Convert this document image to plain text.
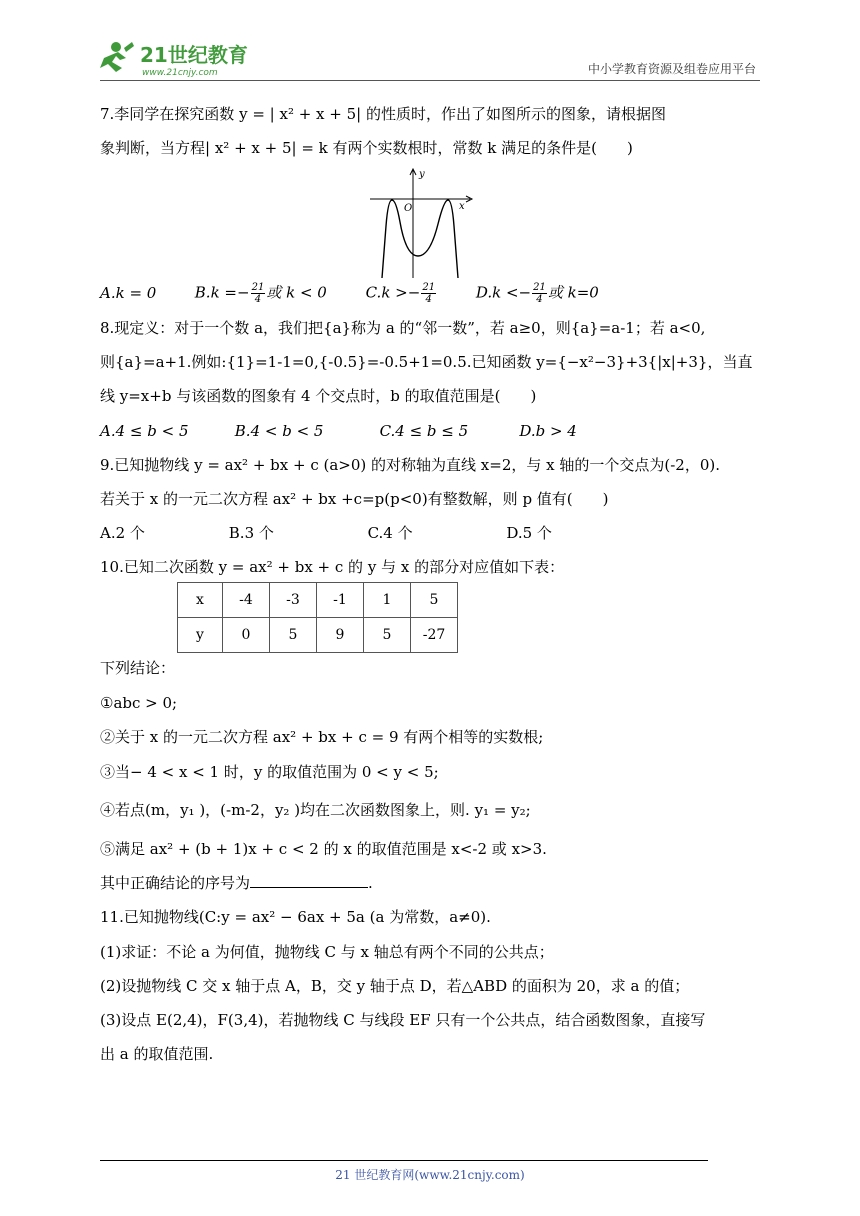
21世纪教育
www.21cnjy.com	中小学教育资源及组卷应用平台
7.李同学在探究函数 y = | x² + x + 5| 的性质时，作出了如图所示的图象，请根据图
象判断，当方程| x² + x + 5| = k 有两个实数根时，常数 k 满足的条件是(　　)
y
x
O
A.k = 0	$B.k =- \frac{21}{4}$ 或 k < 0	$C.k >- \frac{21}{4}$	$D.k <- \frac{21}{4}$ 或 k=0
8.现定义：对于一个数 a，我们把{a}称为 a 的“邻一数”，若 a≥0，则{a}=a-1；若 a<0,
则{a}=a+1.例如:{1}=1-1=0,{-0.5}=-0.5+1=0.5.已知函数 y={−x²−3}+3{|x|+3}，当直
线 y=x+b 与该函数的图象有 4 个交点时，b 的取值范围是(　　)
A.4 ≤ b < 5	B.4 < b < 5	C.4 ≤ b ≤ 5	D.b > 4
9.已知抛物线 y = ax² + bx + c (a>0) 的对称轴为直线 x=2，与 x 轴的一个交点为(-2，0).
若关于 x 的一元二次方程 ax² + bx +c=p(p<0)有整数解，则 p 值有(　　)
A.2 个	B.3 个	C.4 个	D.5 个
10.已知二次函数 y = ax² + bx + c 的 y 与 x 的部分对应值如下表：
x	-4	-3	-1	1	5
y	0	5	9	5	-27
下列结论：
①abc > 0;
②关于 x 的一元二次方程 ax² + bx + c = 9 有两个相等的实数根;
③当− 4 < x < 1 时，y 的取值范围为 0 < y < 5;
④若点(m，y₁ )，(-m-2，y₂ )均在二次函数图象上，则. y₁ = y₂;
⑤满足 ax² + (b + 1)x + c < 2 的 x 的取值范围是 x<-2 或 x>3.
其中正确结论的序号为	.
11.已知抛物线(C:y = ax² − 6ax + 5a (a 为常数，a≠0).
(1)求证：不论 a 为何值，抛物线 C 与 x 轴总有两个不同的公共点；
(2)设抛物线 C 交 x 轴于点 A，B，交 y 轴于点 D，若△ABD 的面积为 20，求 a 的值；
(3)设点 E(2,4)，F(3,4)，若抛物线 C 与线段 EF 只有一个公共点，结合函数图象，直接写
出 a 的取值范围.
21 世纪教育网(www.21cnjy.com)
